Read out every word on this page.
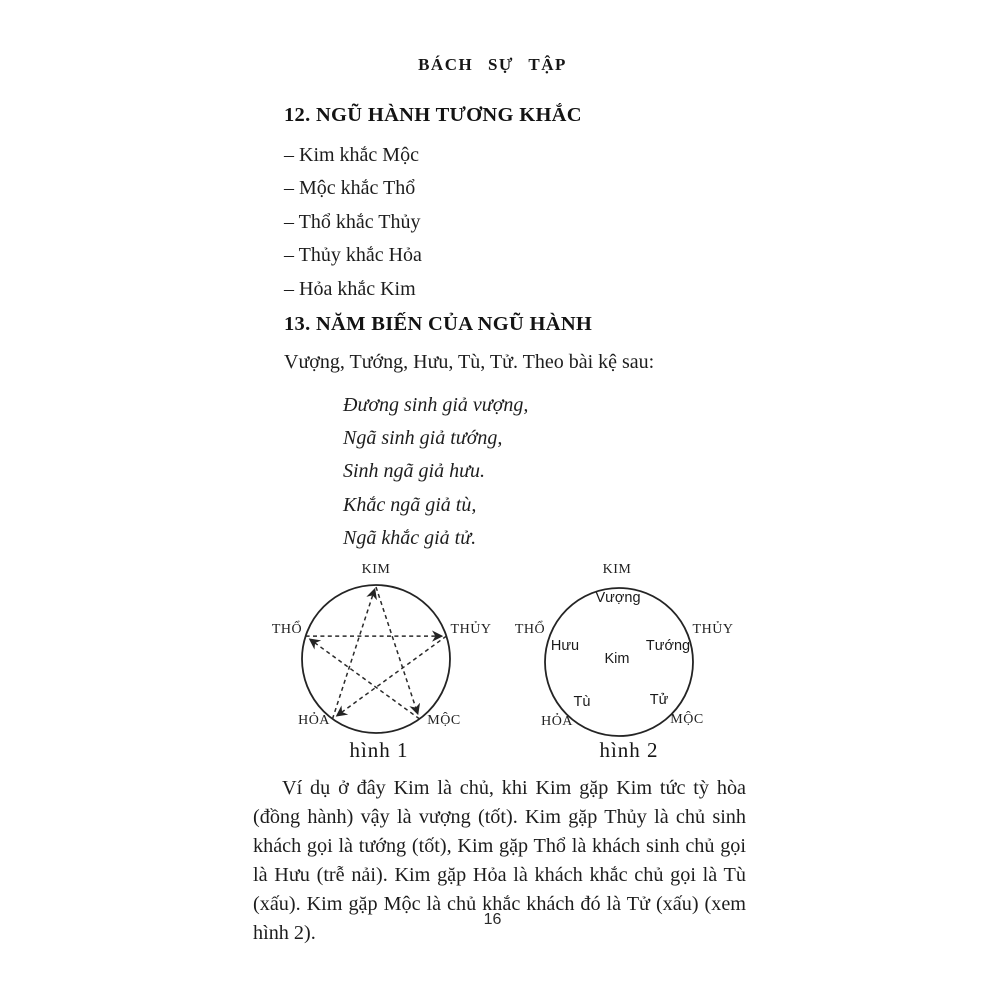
BÁCH SỰ TẬP
12. NGŨ HÀNH TƯƠNG KHẮC
– Kim khắc Mộc
– Mộc khắc Thổ
– Thổ khắc Thủy
– Thủy khắc Hỏa
– Hỏa khắc Kim
13. NĂM BIẾN CỦA NGŨ HÀNH
Vượng, Tướng, Hưu, Tù, Tử. Theo bài kệ sau:
Đương sinh giả vượng,
Ngã sinh giả tướng,
Sinh ngã giả hưu.
Khắc ngã giả tù,
Ngã khắc giả tử.
KIM
THỔ	THỦY
HỎA	MỘC
hình 1
KIM
THỔ	THỦY
HỎA	MỘC
Vượng
Hưu	Tướng
Kim
Tù	Tử
hình 2
Ví dụ ở đây Kim là chủ, khi Kim gặp Kim tức tỳ hòa (đồng hành) vậy là vượng (tốt). Kim gặp Thủy là chủ sinh khách gọi là tướng (tốt), Kim gặp Thổ là khách sinh chủ gọi là Hưu (trễ nải). Kim gặp Hỏa là khách khắc chủ gọi là Tù (xấu). Kim gặp Mộc là chủ khắc khách đó là Tử (xấu) (xem hình 2).
16
